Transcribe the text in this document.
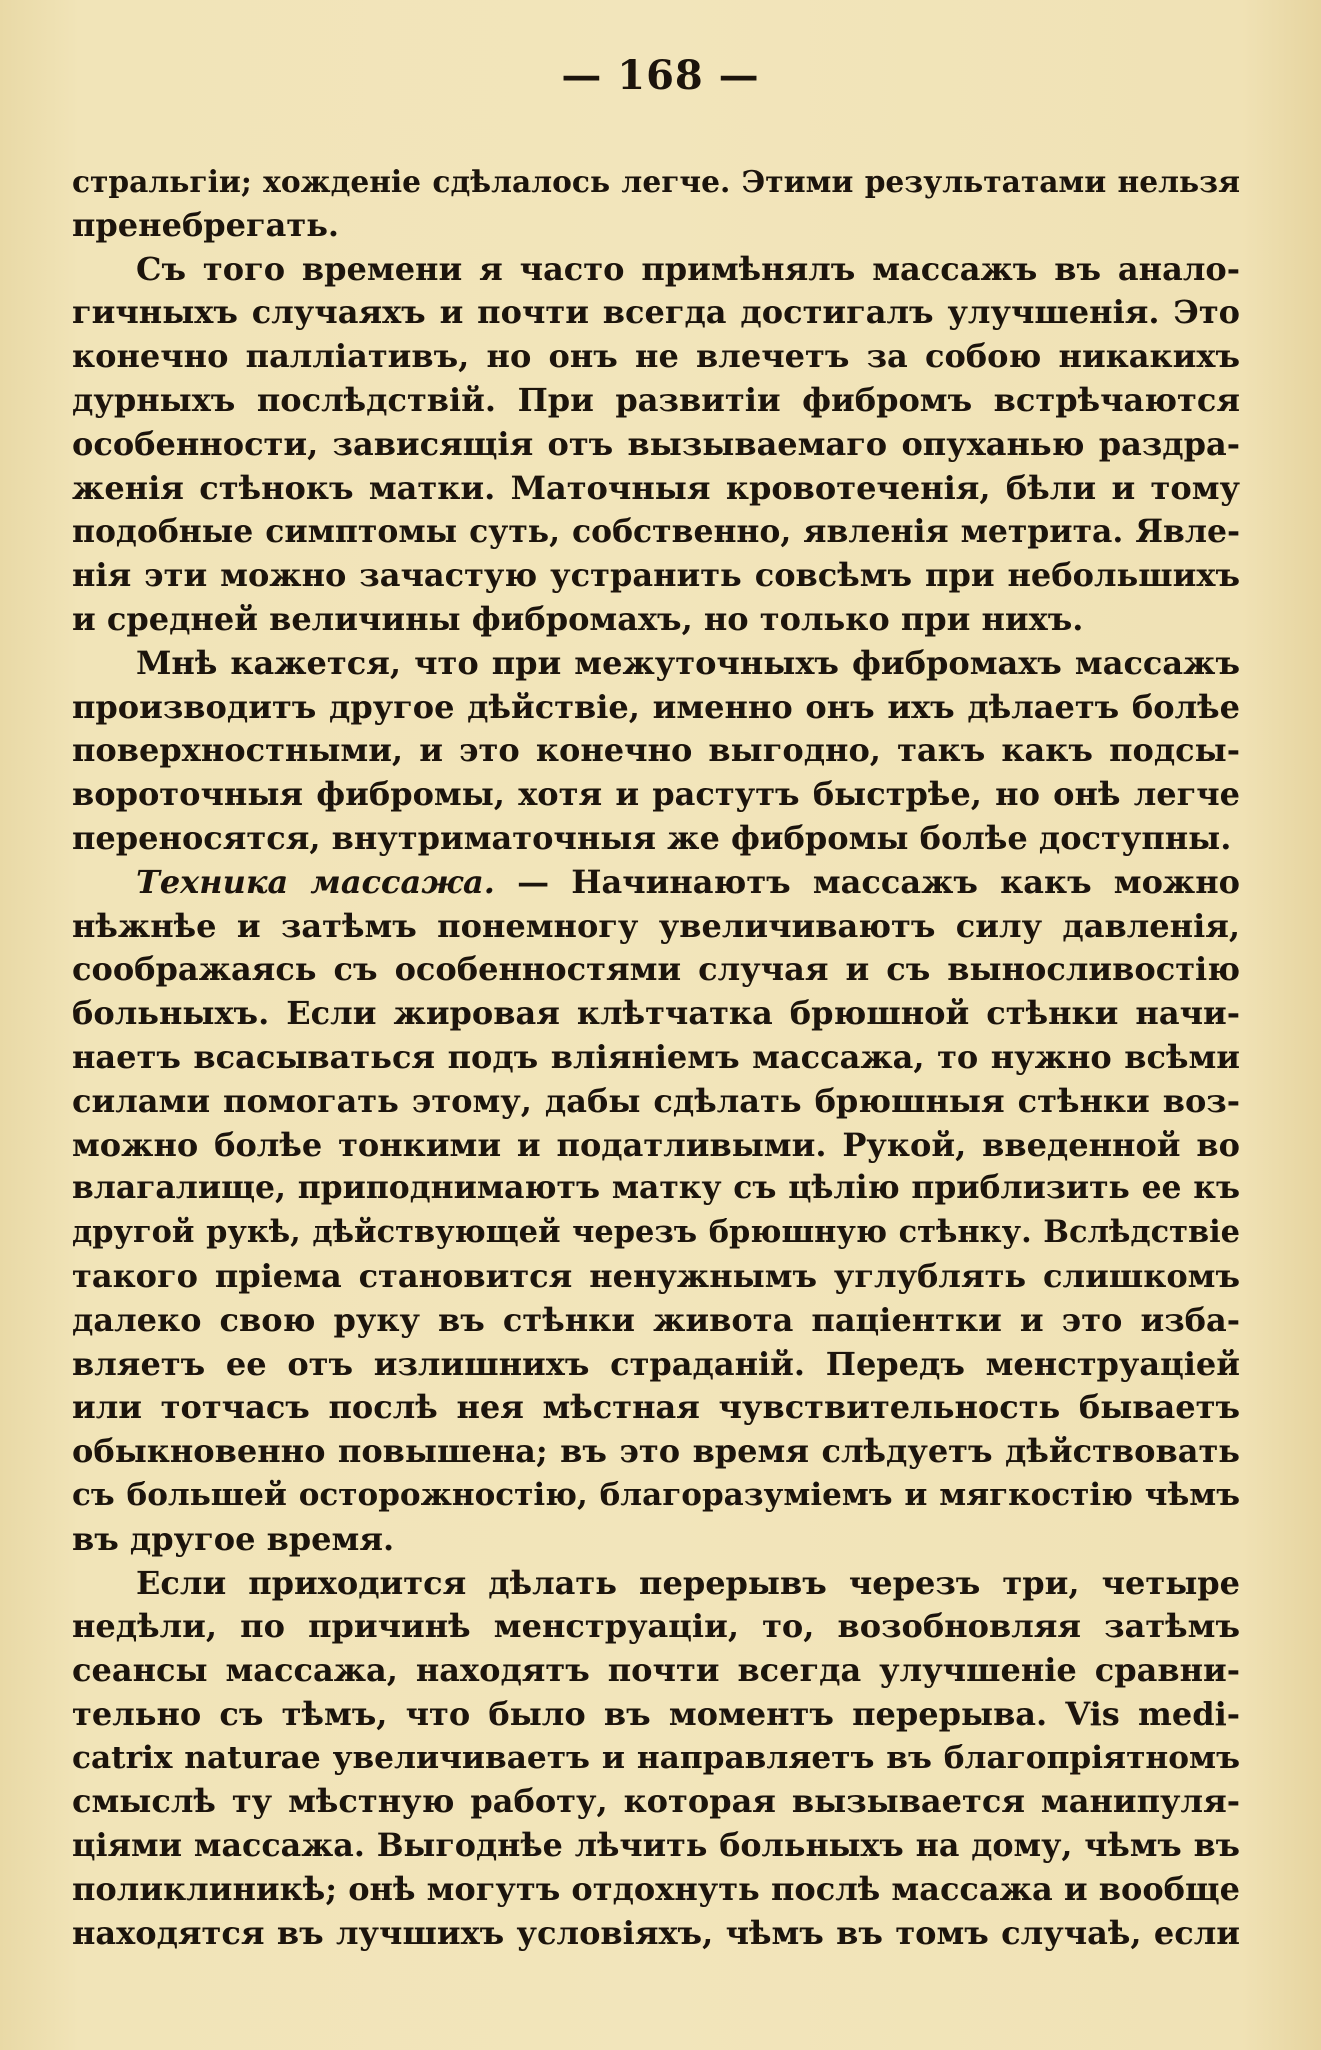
— 168 —
стральгіи; хожденіе сдѣлалось легче. Этими результатами нельзя
пренебрегать.
Съ того времени я часто примѣнялъ массажъ въ анало-
гичныхъ случаяхъ и почти всегда достигалъ улучшенія. Это
конечно палліативъ, но онъ не влечетъ за собою никакихъ
дурныхъ послѣдствій. При развитіи фибромъ встрѣчаются
особенности, зависящія отъ вызываемаго опуханью раздра-
женія стѣнокъ матки. Маточныя кровотеченія, бѣли и тому
подобные симптомы суть, собственно, явленія метрита. Явле-
нія эти можно зачастую устранить совсѣмъ при небольшихъ
и средней величины фибромахъ, но только при нихъ.
Мнѣ кажется, что при межуточныхъ фибромахъ массажъ
производитъ другое дѣйствіе, именно онъ ихъ дѣлаетъ болѣе
поверхностными, и это конечно выгодно, такъ какъ подсы-
вороточныя фибромы, хотя и растутъ быстрѣе, но онѣ легче
переносятся, внутриматочныя же фибромы болѣе доступны.
Техника массажа. — Начинаютъ массажъ какъ можно
нѣжнѣе и затѣмъ понемногу увеличиваютъ силу давленія,
соображаясь съ особенностями случая и съ выносливостію
больныхъ. Если жировая клѣтчатка брюшной стѣнки начи-
наетъ всасываться подъ вліяніемъ массажа, то нужно всѣми
силами помогать этому, дабы сдѣлать брюшныя стѣнки воз-
можно болѣе тонкими и податливыми. Рукой, введенной во
влагалище, приподнимаютъ матку съ цѣлію приблизить ее къ
другой рукѣ, дѣйствующей черезъ брюшную стѣнку. Вслѣдствіе
такого пріема становится ненужнымъ углублять слишкомъ
далеко свою руку въ стѣнки живота паціентки и это изба-
вляетъ ее отъ излишнихъ страданій. Передъ менструаціей
или тотчасъ послѣ нея мѣстная чувствительность бываетъ
обыкновенно повышена; въ это время слѣдуетъ дѣйствовать
съ большей осторожностію, благоразуміемъ и мягкостію чѣмъ
въ другое время.
Если приходится дѣлать перерывъ черезъ три, четыре
недѣли, по причинѣ менструаціи, то, возобновляя затѣмъ
сеансы массажа, находятъ почти всегда улучшеніе сравни-
тельно съ тѣмъ, что было въ моментъ перерыва. Vis medi-
catrix naturae увеличиваетъ и направляетъ въ благопріятномъ
смыслѣ ту мѣстную работу, которая вызывается манипуля-
ціями массажа. Выгоднѣе лѣчить больныхъ на дому, чѣмъ въ
поликлиникѣ; онѣ могутъ отдохнуть послѣ массажа и вообще
находятся въ лучшихъ условіяхъ, чѣмъ въ томъ случаѣ, если
